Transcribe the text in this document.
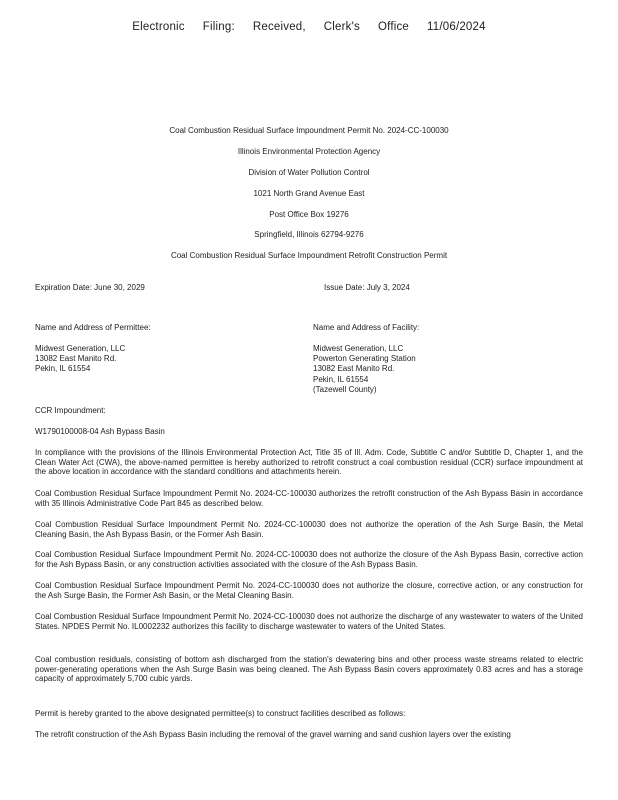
Electronic Filing: Received, Clerk's Office 11/06/2024
Coal Combustion Residual Surface Impoundment Permit No. 2024-CC-100030
Illinois Environmental Protection Agency
Division of Water Pollution Control
1021 North Grand Avenue East
Post Office Box 19276
Springfield, Illinois 62794-9276
Coal Combustion Residual Surface Impoundment Retrofit Construction Permit
Expiration Date: June 30, 2029	Issue Date: July 3, 2024
Name and Address of Permittee:
Midwest Generation, LLC
13082 East Manito Rd.
Pekin, IL 61554
Name and Address of Facility:
Midwest Generation, LLC
Powerton Generating Station
13082 East Manito Rd.
Pekin, IL 61554
(Tazewell County)
CCR Impoundment:
W1790100008-04 Ash Bypass Basin
In compliance with the provisions of the Illinois Environmental Protection Act, Title 35 of Ill. Adm. Code, Subtitle C and/or Subtitle D, Chapter 1, and the Clean Water Act (CWA), the above-named permittee is hereby authorized to retrofit construct a coal combustion residual (CCR) surface impoundment at the above location in accordance with the standard conditions and attachments herein.
Coal Combustion Residual Surface Impoundment Permit No. 2024-CC-100030 authorizes the retrofit construction of the Ash Bypass Basin in accordance with 35 Illinois Administrative Code Part 845 as described below.
Coal Combustion Residual Surface Impoundment Permit No. 2024-CC-100030 does not authorize the operation of the Ash Surge Basin, the Metal Cleaning Basin, the Ash Bypass Basin, or the Former Ash Basin.
Coal Combustion Residual Surface Impoundment Permit No. 2024-CC-100030 does not authorize the closure of the Ash Bypass Basin, corrective action for the Ash Bypass Basin, or any construction activities associated with the closure of the Ash Bypass Basin.
Coal Combustion Residual Surface Impoundment Permit No. 2024-CC-100030 does not authorize the closure, corrective action, or any construction for the Ash Surge Basin, the Former Ash Basin, or the Metal Cleaning Basin.
Coal Combustion Residual Surface Impoundment Permit No. 2024-CC-100030 does not authorize the discharge of any wastewater to waters of the United States. NPDES Permit No. IL0002232 authorizes this facility to discharge wastewater to waters of the United States.
Coal combustion residuals, consisting of bottom ash discharged from the station's dewatering bins and other process waste streams related to electric power-generating operations when the Ash Surge Basin was being cleaned. The Ash Bypass Basin covers approximately 0.83 acres and has a storage capacity of approximately 5,700 cubic yards.
Permit is hereby granted to the above designated permittee(s) to construct facilities described as follows:
The retrofit construction of the Ash Bypass Basin including the removal of the gravel warning and sand cushion layers over the existing
